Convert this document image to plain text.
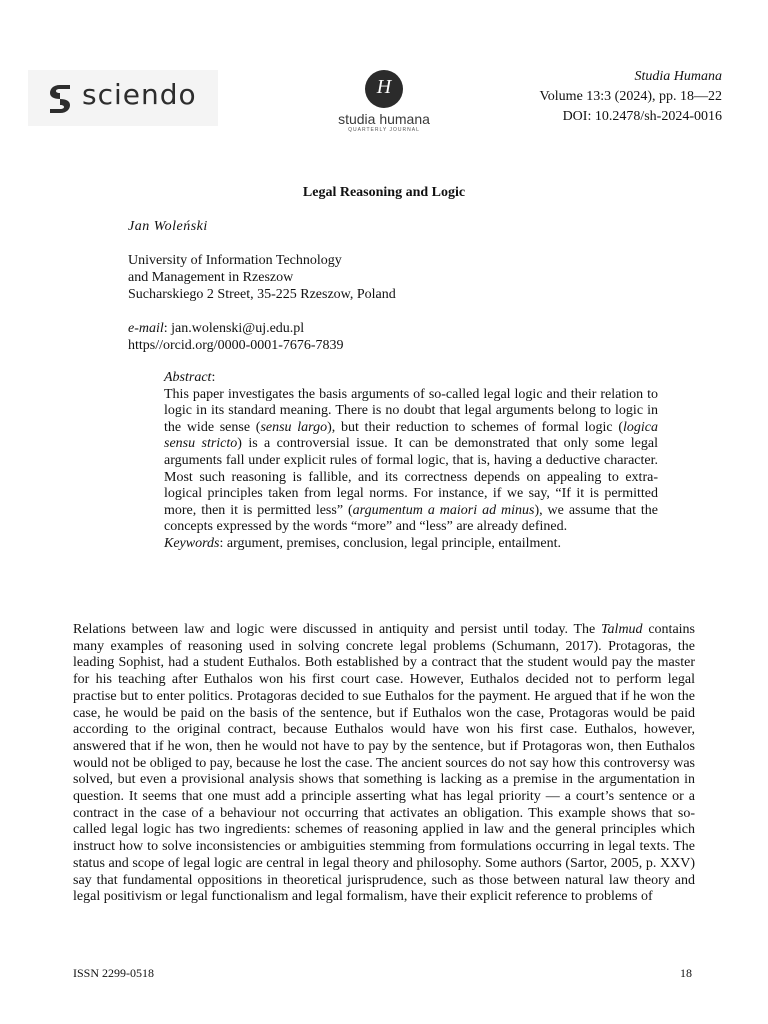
sciendo	H
studia humana
QUARTERLY JOURNAL
Studia Humana
Volume 13:3 (2024), pp. 18—22
DOI: 10.2478/sh-2024-0016
Legal Reasoning and Logic
Jan Woleński
University of Information Technology
and Management in Rzeszow
Sucharskiego 2 Street, 35-225 Rzeszow, Poland
e-mail: jan.wolenski@uj.edu.pl
https//orcid.org/0000-0001-7676-7839
Abstract:
This paper investigates the basis arguments of so-called legal logic and their relation to logic in its standard meaning. There is no doubt that legal arguments belong to logic in the wide sense (sensu largo), but their reduction to schemes of formal logic (logica sensu stricto) is a controversial issue. It can be demonstrated that only some legal arguments fall under explicit rules of formal logic, that is, having a deductive character. Most such reasoning is fallible, and its correctness depends on appealing to extra-logical principles taken from legal norms. For instance, if we say, “If it is permitted more, then it is permitted less” (argumentum a maiori ad minus), we assume that the concepts expressed by the words “more” and “less” are already defined.
Keywords: argument, premises, conclusion, legal principle, entailment.
Relations between law and logic were discussed in antiquity and persist until today. The Talmud contains many examples of reasoning used in solving concrete legal problems (Schumann, 2017). Protagoras, the leading Sophist, had a student Euthalos. Both established by a contract that the student would pay the master for his teaching after Euthalos won his first court case. However, Euthalos decided not to perform legal practise but to enter politics. Protagoras decided to sue Euthalos for the payment. He argued that if he won the case, he would be paid on the basis of the sentence, but if Euthalos won the case, Protagoras would be paid according to the original contract, because Euthalos would have won his first case. Euthalos, however, answered that if he won, then he would not have to pay by the sentence, but if Protagoras won, then Euthalos would not be obliged to pay, because he lost the case. The ancient sources do not say how this controversy was solved, but even a provisional analysis shows that something is lacking as a premise in the argumentation in question. It seems that one must add a principle asserting what has legal priority — a court’s sentence or a contract in the case of a behaviour not occurring that activates an obligation. This example shows that so-called legal logic has two ingredients: schemes of reasoning applied in law and the general principles which instruct how to solve inconsistencies or ambiguities stemming from formulations occurring in legal texts. The status and scope of legal logic are central in legal theory and philosophy. Some authors (Sartor, 2005, p. XXV) say that fundamental oppositions in theoretical jurisprudence, such as those between natural law theory and legal positivism or legal functionalism and legal formalism, have their explicit reference to problems of
ISSN 2299-0518	18
